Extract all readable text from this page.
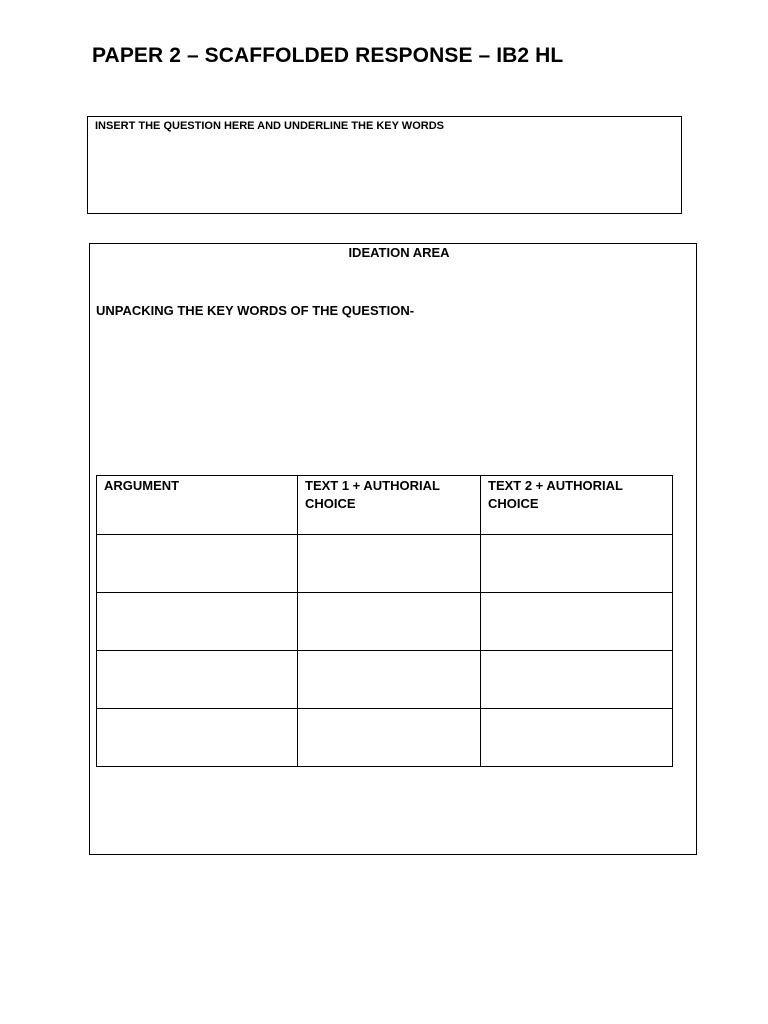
PAPER 2 – SCAFFOLDED RESPONSE – IB2 HL
INSERT THE QUESTION HERE AND UNDERLINE THE KEY WORDS
IDEATION AREA
UNPACKING THE KEY WORDS OF THE QUESTION-
ARGUMENT	TEXT 1 + AUTHORIAL CHOICE	TEXT 2 + AUTHORIAL CHOICE
